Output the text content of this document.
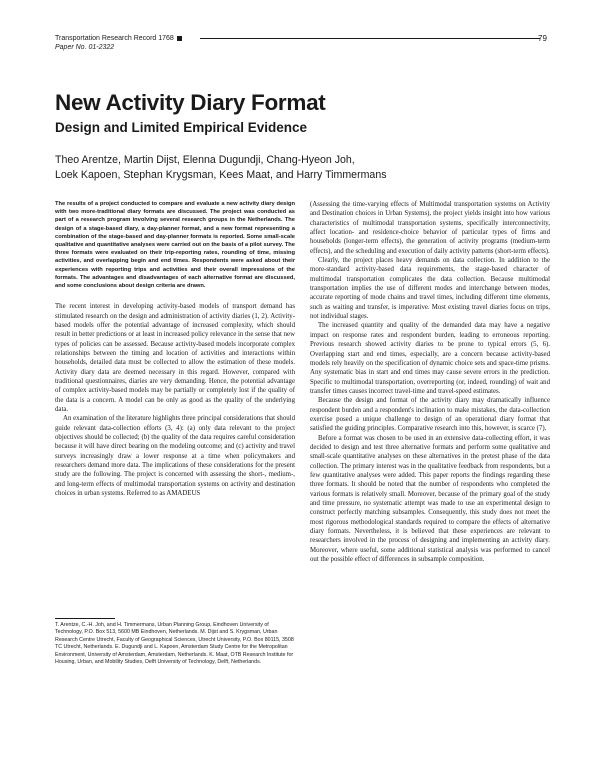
Transportation Research Record 1768
Paper No. 01-2322
79
New Activity Diary Format
Design and Limited Empirical Evidence
Theo Arentze, Martin Dijst, Elenna Dugundji, Chang-Hyeon Joh,
Loek Kapoen, Stephan Krygsman, Kees Maat, and Harry Timmermans

The results of a project conducted to compare and evaluate a new activity diary design with two more-traditional diary formats are discussed. The project was conducted as part of a research program involving several research groups in the Netherlands. The design of a stage-based diary, a day-planner format, and a new format representing a combination of the stage-based and day-planner formats is reported. Some small-scale qualitative and quantitative analyses were carried out on the basis of a pilot survey. The three formats were evaluated on their trip-reporting rates, rounding of time, missing activities, and overlapping begin and end times. Respondents were asked about their experiences with reporting trips and activities and their overall impressions of the formats. The advantages and disadvantages of each alternative format are discussed, and some conclusions about design criteria are drawn.

The recent interest in developing activity-based models of transport demand has stimulated research on the design and administration of activity diaries (1, 2). Activity-based models offer the potential advantage of increased complexity, which should result in better predictions or at least in increased policy relevance in the sense that new types of policies can be assessed. Because activity-based models incorporate complex relationships between the timing and location of activities and interactions within households, detailed data must be collected to allow the estimation of these models. Activity diary data are deemed necessary in this regard. However, compared with traditional questionnaires, diaries are very demanding. Hence, the potential advantage of complex activity-based models may be partially or completely lost if the quality of the data is a concern. A model can be only as good as the quality of the underlying data.

An examination of the literature highlights three principal considerations that should guide relevant data-collection efforts (3, 4): (a) only data relevant to the project objectives should be collected; (b) the quality of the data requires careful consideration because it will have direct bearing on the modeling outcome; and (c) activity and travel surveys increasingly draw a lower response at a time when policymakers and researchers demand more data. The implications of these considerations for the present study are the following. The project is concerned with assessing the short-, medium-, and long-term effects of multimodal transportation systems on activity and destination choices in urban systems. Referred to as AMADEUS

T. Arentze, C.-H. Joh, and H. Timmermans, Urban Planning Group, Eindhoven University of Technology, P.O. Box 513, 5600 MB Eindhoven, Netherlands. M. Dijst and S. Krygsman, Urban Research Centre Utrecht, Faculty of Geographical Sciences, Utrecht University, P.O. Box 80115, 3508 TC Utrecht, Netherlands. E. Dugundji and L. Kapoen, Amsterdam Study Centre for the Metropolitan Environment, University of Amsterdam, Amsterdam, Netherlands. K. Maat, OTB Research Institute for Housing, Urban, and Mobility Studies, Delft University of Technology, Delft, Netherlands.

(Assessing the time-varying effects of Multimodal transportation systems on Activity and Destination choices in Urban Systems), the project yields insight into how various characteristics of multimodal transportation systems, specifically interconnectivity, affect location- and residence-choice behavior of particular types of firms and households (longer-term effects), the generation of activity programs (medium-term effects), and the scheduling and execution of daily activity patterns (short-term effects).

Clearly, the project places heavy demands on data collection. In addition to the more-standard activity-based data requirements, the stage-based character of multimodal transportation complicates the data collection. Because multimodal transportation implies the use of different modes and interchange between modes, accurate reporting of mode chains and travel times, including different time elements, such as waiting and transfer, is imperative. Most existing travel diaries focus on trips, not individual stages.

The increased quantity and quality of the demanded data may have a negative impact on response rates and respondent burden, leading to erroneous reporting. Previous research showed activity diaries to be prone to typical errors (5, 6). Overlapping start and end times, especially, are a concern because activity-based models rely heavily on the specification of dynamic choice sets and space-time prisms. Any systematic bias in start and end times may cause severe errors in the prediction. Specific to multimodal transportation, overreporting (or, indeed, rounding) of wait and transfer times causes incorrect travel-time and travel-speed estimates.

Because the design and format of the activity diary may dramatically influence respondent burden and a respondent's inclination to make mistakes, the data-collection exercise posed a unique challenge to design of an operational diary format that satisfied the guiding principles. Comparative research into this, however, is scarce (7).

Before a format was chosen to be used in an extensive data-collecting effort, it was decided to design and test three alternative formats and perform some qualitative and small-scale quantitative analyses on these alternatives in the pretest phase of the data collection. The primary interest was in the qualitative feedback from respondents, but a few quantitative analyses were added. This paper reports the findings regarding these three formats. It should be noted that the number of respondents who completed the various formats is relatively small. Moreover, because of the primary goal of the study and time pressure, no systematic attempt was made to use an experimental design to construct perfectly matching subsamples. Consequently, this study does not meet the most rigorous methodological standards required to compare the effects of alternative diary formats. Nevertheless, it is believed that these experiences are relevant to researchers involved in the process of designing and implementing an activity diary. Moreover, where useful, some additional statistical analysis was performed to cancel out the possible effect of differences in subsample composition.
